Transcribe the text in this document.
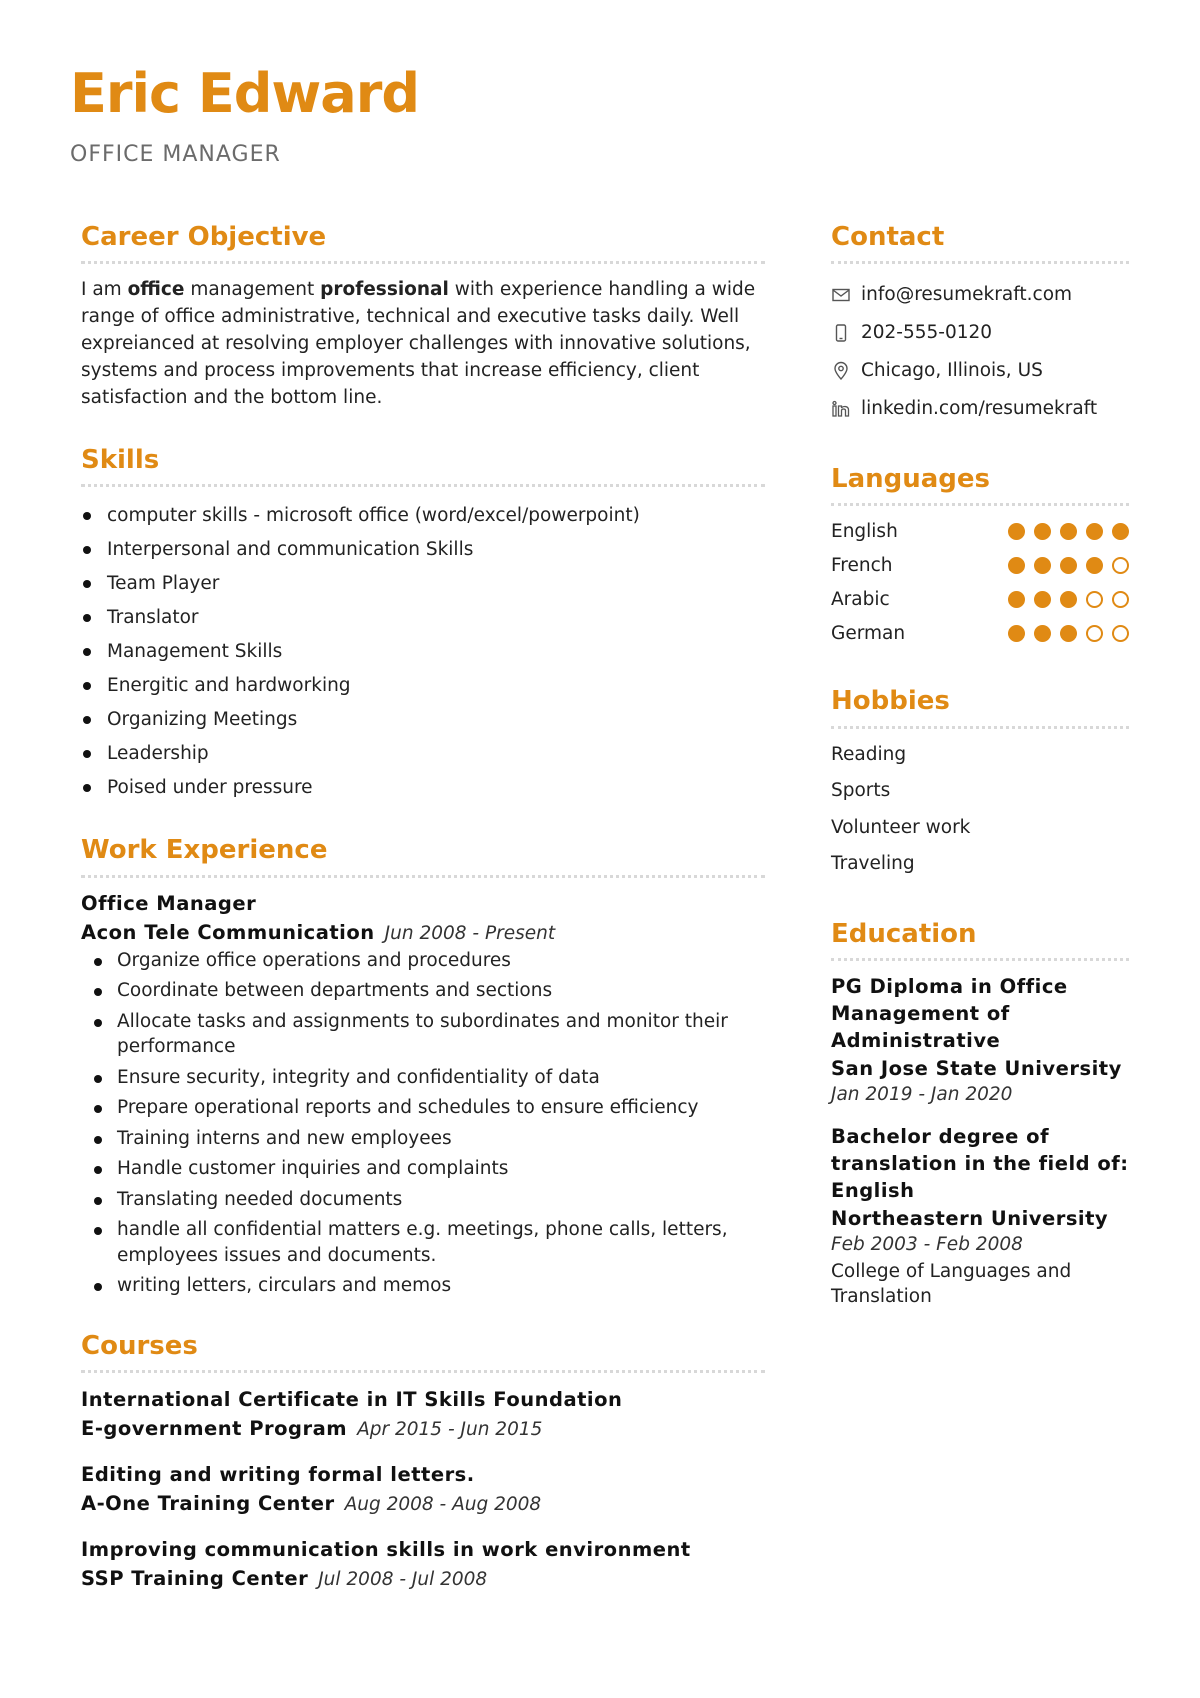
Eric Edward
OFFICE MANAGER
Career Objective

I am office management professional with experience handling a wide range of office administrative, technical and executive tasks daily. Well expreianced at resolving employer challenges with innovative solutions, systems and process improvements that increase efficiency, client satisfaction and the bottom line.

Skills
computer skills - microsoft office (word/excel/powerpoint)
Interpersonal and communication Skills
Team Player
Translator
Management Skills
Energitic and hardworking
Organizing Meetings
Leadership
Poised under pressure
Work Experience
Office Manager
Acon Tele Communication Jun 2008 - Present
Organize office operations and procedures
Coordinate between departments and sections
Allocate tasks and assignments to subordinates and monitor their performance
Ensure security, integrity and confidentiality of data
Prepare operational reports and schedules to ensure efficiency
Training interns and new employees
Handle customer inquiries and complaints
Translating needed documents
handle all confidential matters e.g. meetings, phone calls, letters, employees issues and documents.
writing letters, circulars and memos
Courses
International Certificate in IT Skills Foundation
E-government Program Apr 2015 - Jun 2015
Editing and writing formal letters.
A-One Training Center Aug 2008 - Aug 2008
Improving communication skills in work environment
SSP Training Center Jul 2008 - Jul 2008
Contact
info@resumekraft.com
202-555-0120
Chicago, Illinois, US
linkedin.com/resumekraft
Languages
English
French
Arabic
German
Hobbies
Reading
Sports
Volunteer work
Traveling
Education
PG Diploma in Office Management of Administrative
San Jose State University
Jan 2019 - Jan 2020
Bachelor degree of translation in the field of: English
Northeastern University
Feb 2003 - Feb 2008
College of Languages and Translation
